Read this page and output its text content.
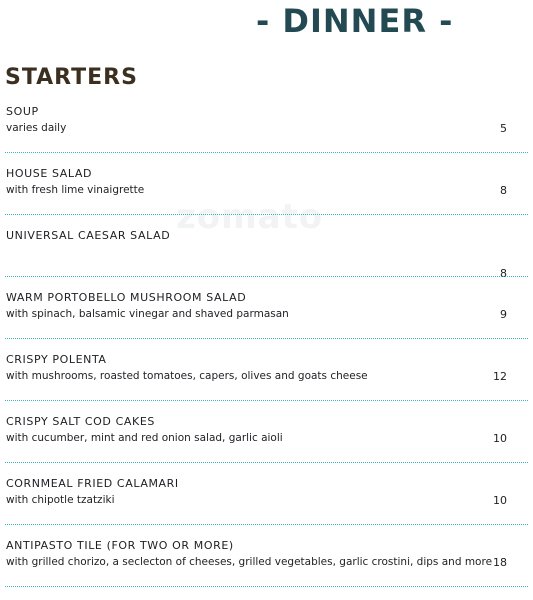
- DINNER -
STARTERS
zomato
SOUP
varies daily	5
HOUSE SALAD
with fresh lime vinaigrette	8
UNIVERSAL CAESAR SALAD
8
WARM PORTOBELLO MUSHROOM SALAD
with spinach, balsamic vinegar and shaved parmasan	9
CRISPY POLENTA
with mushrooms, roasted tomatoes, capers, olives and goats cheese	12
CRISPY SALT COD CAKES
with cucumber, mint and red onion salad, garlic aioli	10
CORNMEAL FRIED CALAMARI
with chipotle tzatziki	10
ANTIPASTO TILE (FOR TWO OR MORE)
with grilled chorizo, a seclecton of cheeses, grilled vegetables, garlic crostini, dips and more 18
